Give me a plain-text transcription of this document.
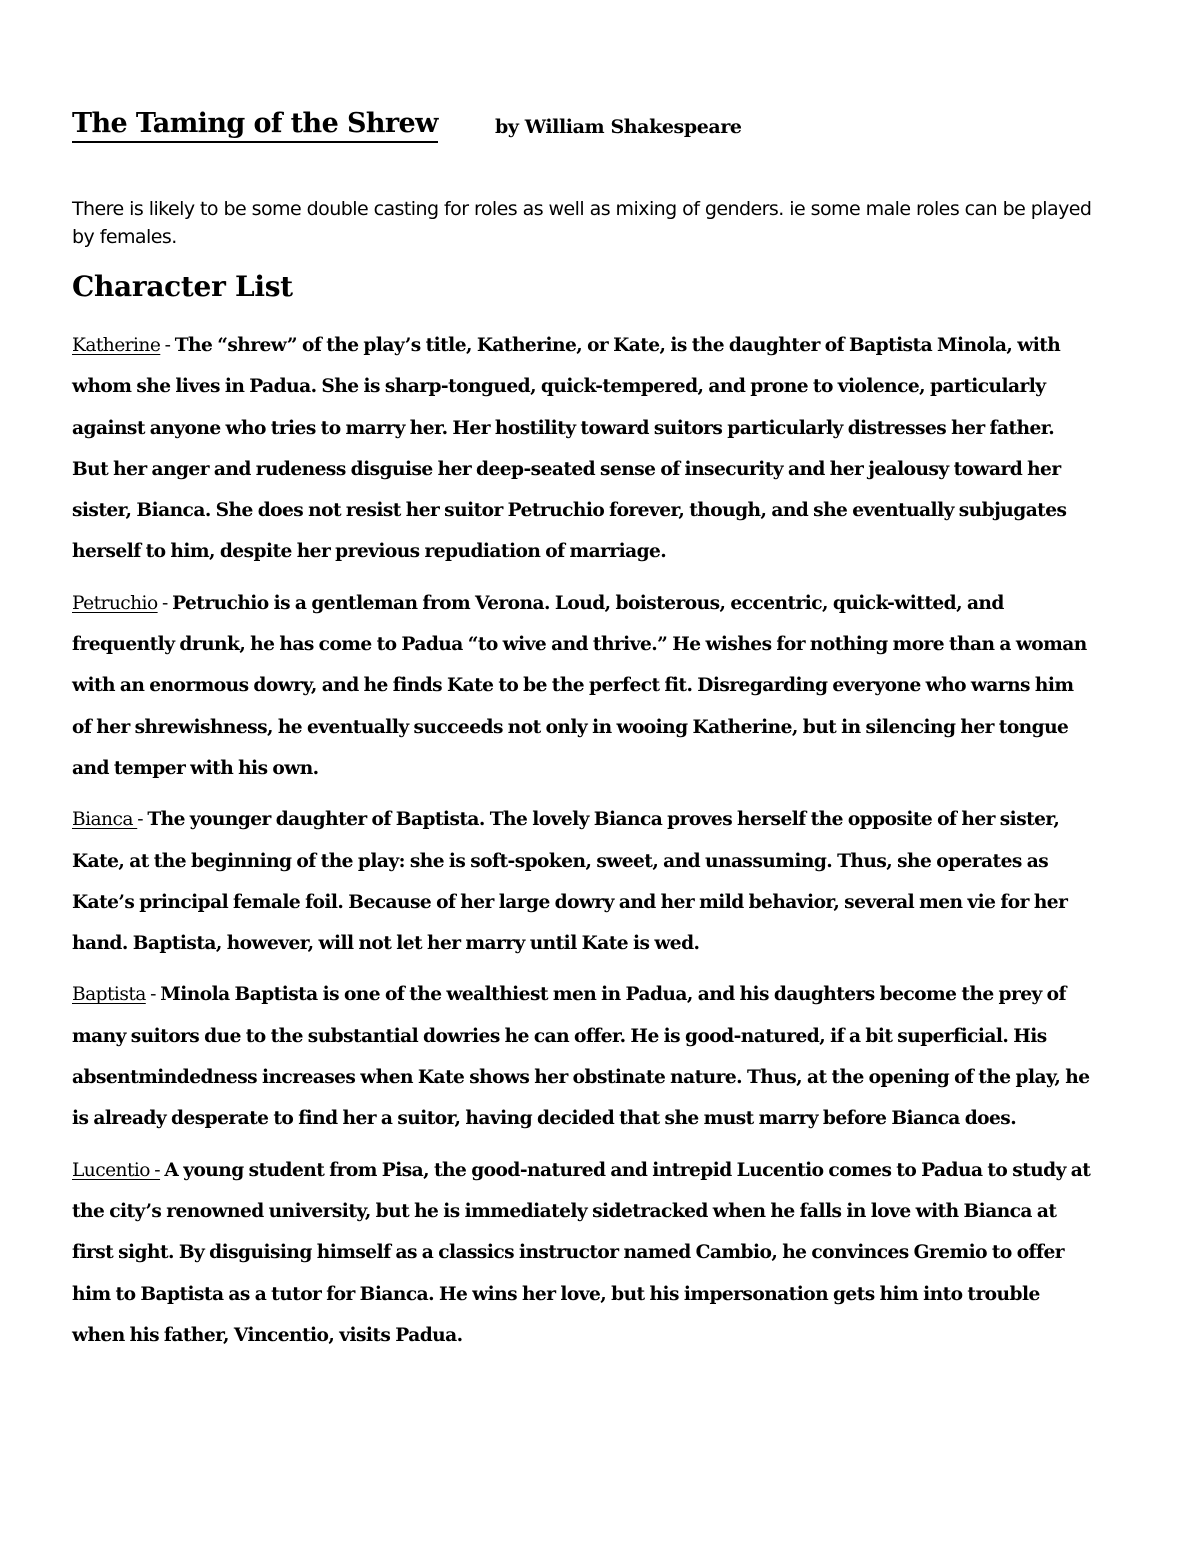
The Taming of the Shrew	by William Shakespeare

There is likely to be some double casting for roles as well as mixing of genders. ie some male roles can be played by females.

Character List

Katherine - The “shrew” of the play’s title, Katherine, or Kate, is the daughter of Baptista Minola, with whom she lives in Padua. She is sharp-tongued, quick-tempered, and prone to violence, particularly against anyone who tries to marry her. Her hostility toward suitors particularly distresses her father. But her anger and rudeness disguise her deep-seated sense of insecurity and her jealousy toward her sister, Bianca. She does not resist her suitor Petruchio forever, though, and she eventually subjugates herself to him, despite her previous repudiation of marriage.

Petruchio - Petruchio is a gentleman from Verona. Loud, boisterous, eccentric, quick-witted, and frequently drunk, he has come to Padua “to wive and thrive.” He wishes for nothing more than a woman with an enormous dowry, and he finds Kate to be the perfect fit. Disregarding everyone who warns him of her shrewishness, he eventually succeeds not only in wooing Katherine, but in silencing her tongue and temper with his own.

Bianca - The younger daughter of Baptista. The lovely Bianca proves herself the opposite of her sister, Kate, at the beginning of the play: she is soft-spoken, sweet, and unassuming. Thus, she operates as Kate’s principal female foil. Because of her large dowry and her mild behavior, several men vie for her hand. Baptista, however, will not let her marry until Kate is wed.

Baptista - Minola Baptista is one of the wealthiest men in Padua, and his daughters become the prey of many suitors due to the substantial dowries he can offer. He is good-natured, if a bit superficial. His absentmindedness increases when Kate shows her obstinate nature. Thus, at the opening of the play, he is already desperate to find her a suitor, having decided that she must marry before Bianca does.

Lucentio - A young student from Pisa, the good-natured and intrepid Lucentio comes to Padua to study at the city’s renowned university, but he is immediately sidetracked when he falls in love with Bianca at first sight. By disguising himself as a classics instructor named Cambio, he convinces Gremio to offer him to Baptista as a tutor for Bianca. He wins her love, but his impersonation gets him into trouble when his father, Vincentio, visits Padua.
